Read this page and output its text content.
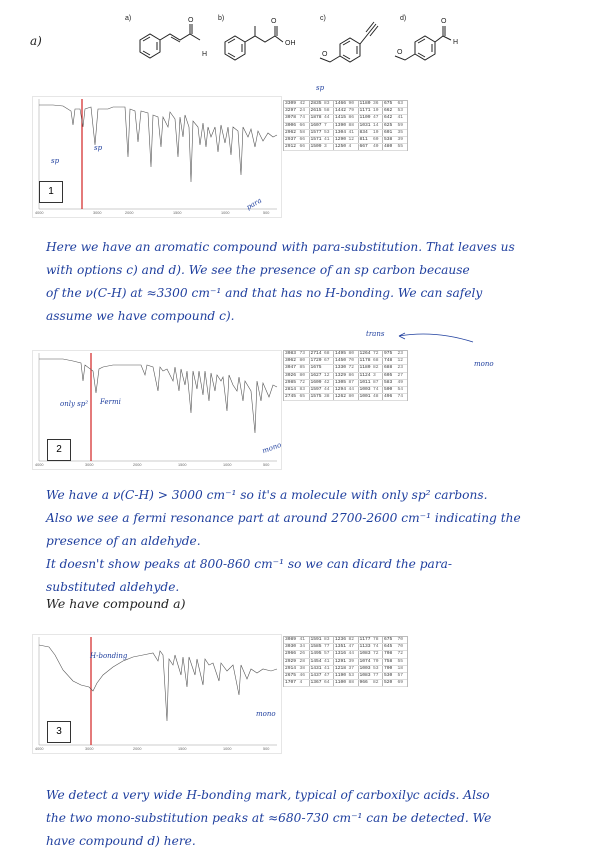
a)
a)
H
b)
OH
c)	d)
H
O	O
O
O	O
1
4000	3000	2000	1500	1000	500
sp
sp
sp
para
3309 42	2835 83	1466 90	1180 36	675	63
3297 24	2615 58	1442 79	1171 10	662	53
3078 74	1878 44	1415 86	1109 47	642	41
3006 66	1607 7	1390 88	1031 14	625	59
2962 58	1577 53	1304 41	834	10	601	35
2937 66	1571 41	1290 12	811	60	538	39
2912 66	1509 3	1250 4	667	40	480	55
Here we have an aromatic compound with para-substitution. That leaves us
with options c) and d). We see the presence of an sp carbon because
of the ν(C-H) at ≈3300 cm⁻¹ and that has no H-bonding. We can safely
assume we have compound c).
2
4000	3000	2000	1500	1000	500
trans
mono
only sp² Fermi
mono
3083 73	2714 68	1495 80	1264 72	975	23
3062 80	1720 67	1450 70	1178 68	748	12
3047 85	1675	1330 72	1180 82	688	23
3026 80	1627 12	1329 86	1124 3	605	27
2985 72	1609 42	1305 87	1011 87	583	49
2814 83	1597 44	1294 44	1003 74	500	54
2745 65	1575 38	1262 80	1001 48	496	74
We have a ν(C-H) > 3000 cm⁻¹ so it's a molecule with only sp² carbons.
Also we see a fermi resonance part at around 2700-2600 cm⁻¹ indicating the
presence of an aldehyde.
It doesn't show peaks at 800-860 cm⁻¹ so we can dicard the para-
substituted aldehyde.
We have compound a)
3
4000	3000	2000	1500	1000	500
H-bonding
mono
3089 41	1591 83	1236 82	1177 78	675	70
3030 34	1585 77	1351 47	1133 74	645	70
2966 26	1495 57	1316 44	1083 72	708	72
2929 28	1454 41	1291 39	1074 70	758	55
2914 38	1431 41	1218 37	1003 53	700	18
2675 46	1437 47	1190 53	1083 77	530	57
1707 4	1367 64	1100 88	966	82	520	69
We detect a very wide H-bonding mark, typical of carboxilyc acids. Also
the two mono-substitution peaks at ≈680-730 cm⁻¹ can be detected. We
have compound d) here.
